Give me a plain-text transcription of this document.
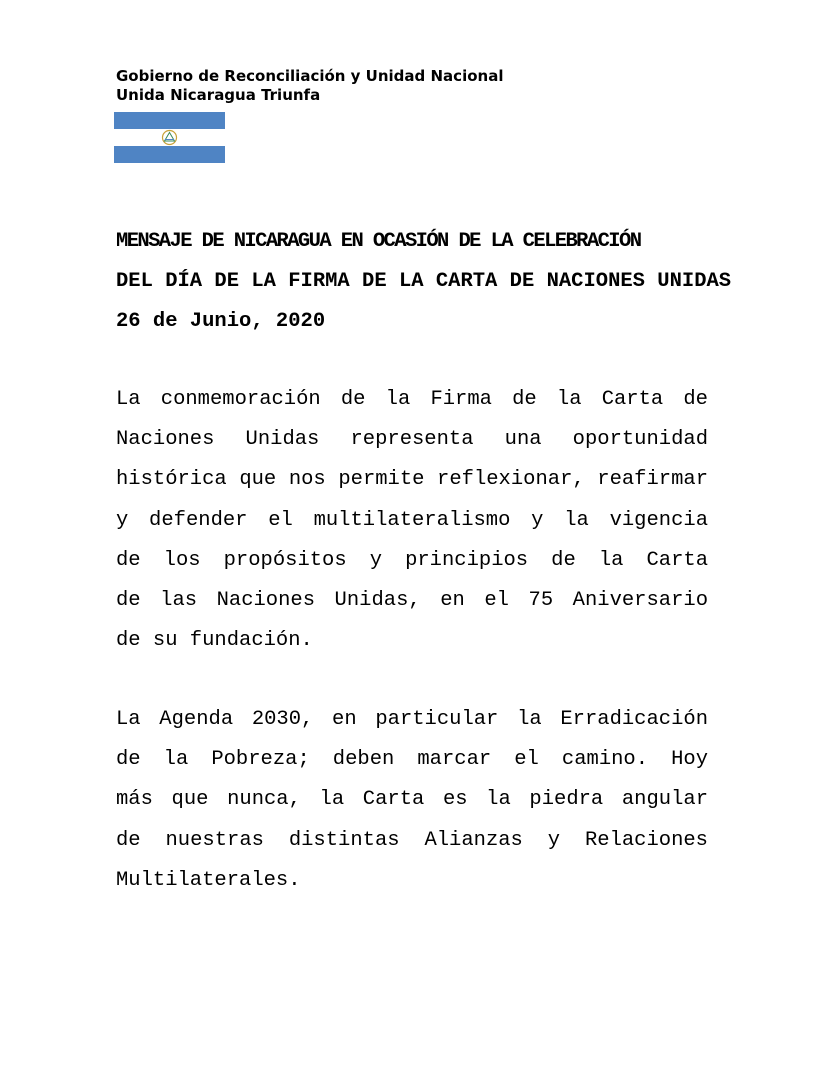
Gobierno de Reconciliación y Unidad Nacional
Unida Nicaragua Triunfa
MENSAJE DE NICARAGUA EN OCASIÓN DE LA CELEBRACIÓN
DEL DÍA DE LA FIRMA DE LA CARTA DE NACIONES UNIDAS
26 de Junio, 2020
La conmemoración de la Firma de la Carta de
Naciones Unidas representa una oportunidad
histórica que nos permite reflexionar, reafirmar
y defender el multilateralismo y la vigencia
de los propósitos y principios de la Carta
de las Naciones Unidas, en el 75 Aniversario
de su fundación.
La Agenda 2030, en particular la Erradicación
de la Pobreza; deben marcar el camino. Hoy
más que nunca, la Carta es la piedra angular
de nuestras distintas Alianzas y Relaciones
Multilaterales.
